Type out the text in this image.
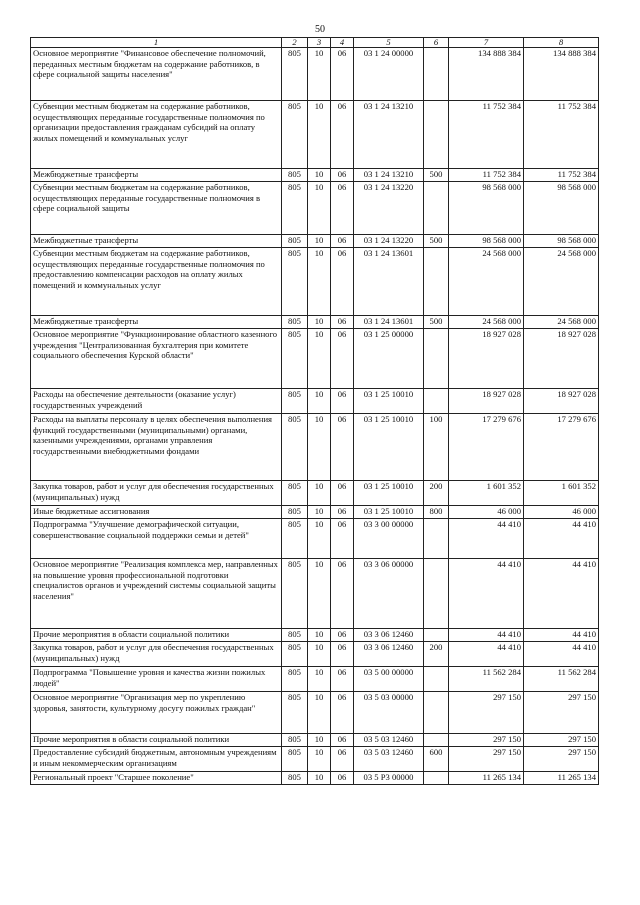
50
1	2	3	4	5	6	7	8
Основное мероприятие "Финансовое обеспечение полномочий, переданных местным бюджетам на содержание работников, в сфере социальной защиты населения"	805	10	06	03 1 24 00000		134 888 384	134 888 384
Субвенции местным бюджетам на содержание работников, осуществляющих переданные государственные полномочия по организации предоставления гражданам субсидий на оплату жилых помещений и коммунальных услуг	805	10	06	03 1 24 13210		11 752 384	11 752 384
Межбюджетные трансферты	805	10	06	03 1 24 13210	500	11 752 384	11 752 384
Субвенции местным бюджетам на содержание работников, осуществляющих переданные государственные полномочия в сфере социальной защиты	805	10	06	03 1 24 13220		98 568 000	98 568 000
Межбюджетные трансферты	805	10	06	03 1 24 13220	500	98 568 000	98 568 000
Субвенции местным бюджетам на содержание работников, осуществляющих переданные государственные полномочия по предоставлению компенсации расходов на оплату жилых помещений и коммунальных услуг	805	10	06	03 1 24 13601		24 568 000	24 568 000
Межбюджетные трансферты	805	10	06	03 1 24 13601	500	24 568 000	24 568 000
Основное мероприятие "Функционирование областного казенного учреждения "Централизованная бухгалтерия при комитете социального обеспечения Курской области"	805	10	06	03 1 25 00000		18 927 028	18 927 028
Расходы на обеспечение деятельности (оказание услуг) государственных учреждений	805	10	06	03 1 25 10010		18 927 028	18 927 028
Расходы на выплаты персоналу в целях обеспечения выполнения функций государственными (муниципальными) органами, казенными учреждениями, органами управления государственными внебюджетными фондами	805	10	06	03 1 25 10010	100	17 279 676	17 279 676
Закупка товаров, работ и услуг для обеспечения государственных (муниципальных) нужд	805	10	06	03 1 25 10010	200	1 601 352	1 601 352
Иные бюджетные ассигнования	805	10	06	03 1 25 10010	800	46 000	46 000
Подпрограмма "Улучшение демографической ситуации, совершенствование социальной поддержки семьи и детей"	805	10	06	03 3 00 00000		44 410	44 410
Основное мероприятие "Реализация комплекса мер, направленных на повышение уровня профессиональной подготовки специалистов органов и учреждений системы социальной защиты населения"	805	10	06	03 3 06 00000		44 410	44 410
Прочие мероприятия в области социальной политики	805	10	06	03 3 06 12460		44 410	44 410
Закупка товаров, работ и услуг для обеспечения государственных (муниципальных) нужд	805	10	06	03 3 06 12460	200	44 410	44 410
Подпрограмма "Повышение уровня и качества жизни пожилых людей"	805	10	06	03 5 00 00000		11 562 284	11 562 284
Основное мероприятие "Организация мер по укреплению здоровья, занятости, культурному досугу пожилых граждан"	805	10	06	03 5 03 00000		297 150	297 150
Прочие мероприятия в области социальной политики	805	10	06	03 5 03 12460		297 150	297 150
Предоставление субсидий бюджетным, автономным учреждениям и иным некоммерческим организациям	805	10	06	03 5 03 12460	600	297 150	297 150
Региональный проект "Старшее поколение"	805	10	06	03 5 P3 00000		11 265 134	11 265 134
